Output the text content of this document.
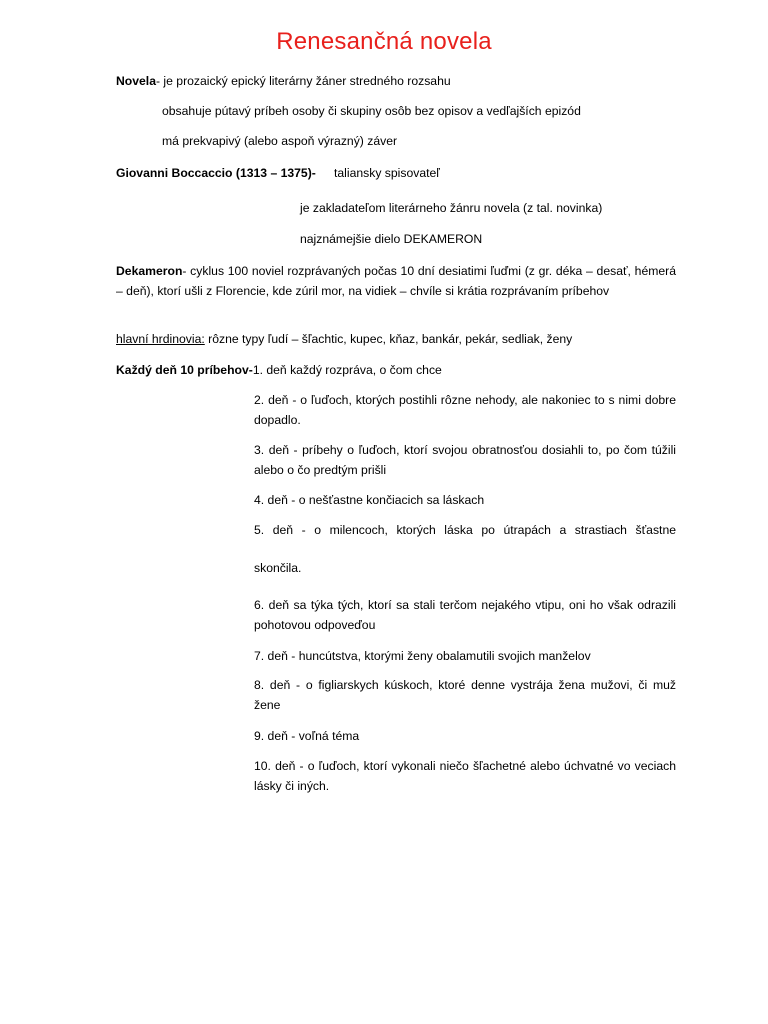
Renesančná novela
Novela- je prozaický epický literárny žáner stredného rozsahu
obsahuje pútavý príbeh osoby či skupiny osôb bez opisov a vedľajších epizód
má prekvapivý (alebo aspoň výrazný) záver
Giovanni Boccaccio (1313 – 1375)- taliansky spisovateľ
je zakladateľom literárneho žánru novela (z tal. novinka)
najznámejšie dielo DEKAMERON
Dekameron- cyklus 100 noviel rozprávaných počas 10 dní desiatimi ľuďmi (z gr. déka – desať, hémerá – deň), ktorí ušli z Florencie, kde zúril mor, na vidiek – chvíle si krátia rozprávaním príbehov
hlavní hrdinovia: rôzne typy ľudí – šľachtic, kupec, kňaz, bankár, pekár, sedliak, ženy
Každý deň 10 príbehov-1. deň každý rozpráva, o čom chce
2. deň - o ľuďoch, ktorých postihli rôzne nehody, ale nakoniec to s nimi dobre dopadlo.
3. deň - príbehy o ľuďoch, ktorí svojou obratnosťou dosiahli to, po čom túžili alebo o čo predtým prišli
4. deň - o nešťastne končiacich sa láskach
5. deň - o milencoch, ktorých láska po útrapách a strastiach šťastne
skončila.
6. deň sa týka tých, ktorí sa stali terčom nejakého vtipu, oni ho však odrazili pohotovou odpoveďou
7. deň - huncútstva, ktorými ženy obalamutili svojich manželov
8. deň - o figliarskych kúskoch, ktoré denne vystrája žena mužovi, či muž žene
9. deň - voľná téma
10. deň - o ľuďoch, ktorí vykonali niečo šľachetné alebo úchvatné vo veciach lásky či iných.
